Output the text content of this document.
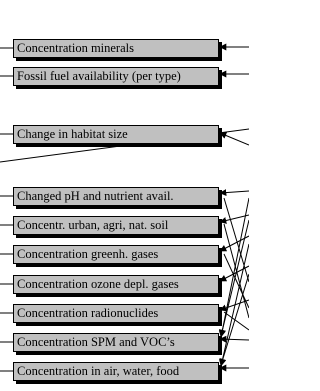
Concentration minerals
Fossil fuel availability (per type)
Change in habitat size
Changed pH and nutrient avail.
Concentr. urban, agri, nat. soil
Concentration greenh. gases
Concentration ozone depl. gases
Concentration radionuclides
Concentration SPM and VOC’s
Concentration in air, water, food
